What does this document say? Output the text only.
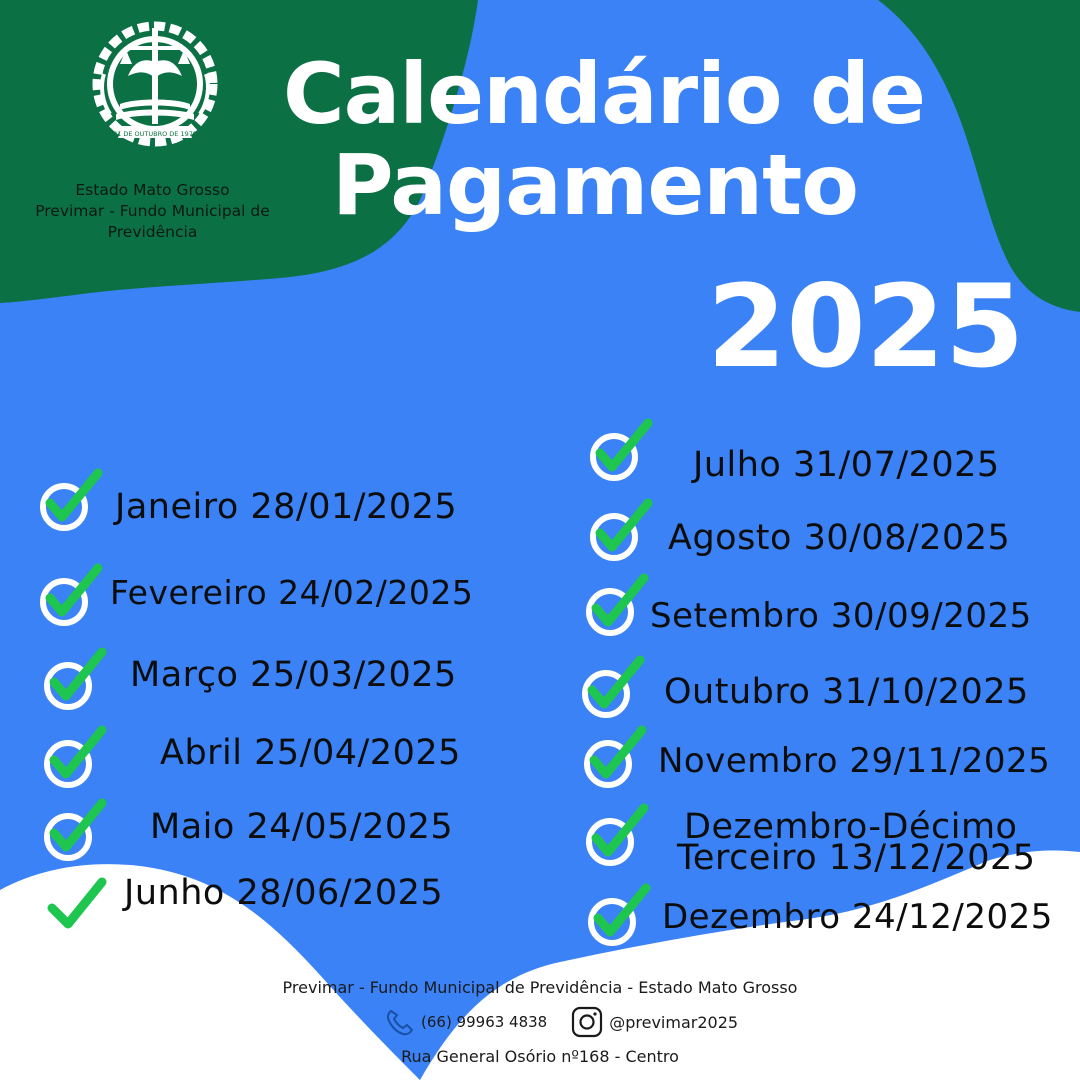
31 DE OUTUBRO DE 1979
Estado Mato Grosso
Previmar - Fundo Municipal de
Previdência
Calendário de
Pagamento
2025
Janeiro 28/01/2025
Fevereiro 24/02/2025
Março 25/03/2025
Abril 25/04/2025
Maio 24/05/2025
Junho 28/06/2025
Julho 31/07/2025
Agosto 30/08/2025
Setembro 30/09/2025
Outubro 31/10/2025
Novembro 29/11/2025
Dezembro-Décimo
Terceiro 13/12/2025
Dezembro 24/12/2025
Previmar - Fundo Municipal de Previdência - Estado Mato Grosso
(66) 99963 4838	@previmar2025
Rua General Osório nº168 - Centro
